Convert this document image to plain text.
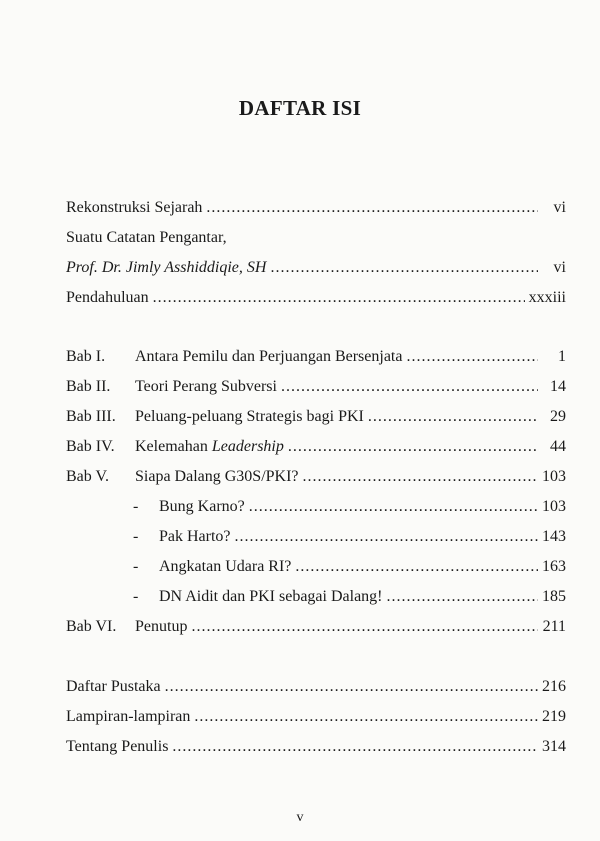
DAFTAR ISI
Rekonstruksi Sejarah .....	vi
Suatu Catatan Pengantar,
Prof. Dr. Jimly Asshiddiqie, SH .....	vi
Pendahuluan .....	xxxiii
Bab I.	Antara Pemilu dan Perjuangan Bersenjata .....	1
Bab II.	Teori Perang Subversi .....	14
Bab III.	Peluang-peluang Strategis bagi PKI .....	29
Bab IV.	Kelemahan Leadership .....	44
Bab V.	Siapa Dalang G30S/PKI? .....	103
-	Bung Karno? .....	103
-	Pak Harto? .....	143
-	Angkatan Udara RI? .....	163
-	DN Aidit dan PKI sebagai Dalang! .....	185
Bab VI.	Penutup .....	211
Daftar Pustaka .....	216
Lampiran-lampiran .....	219
Tentang Penulis .....	314
v
